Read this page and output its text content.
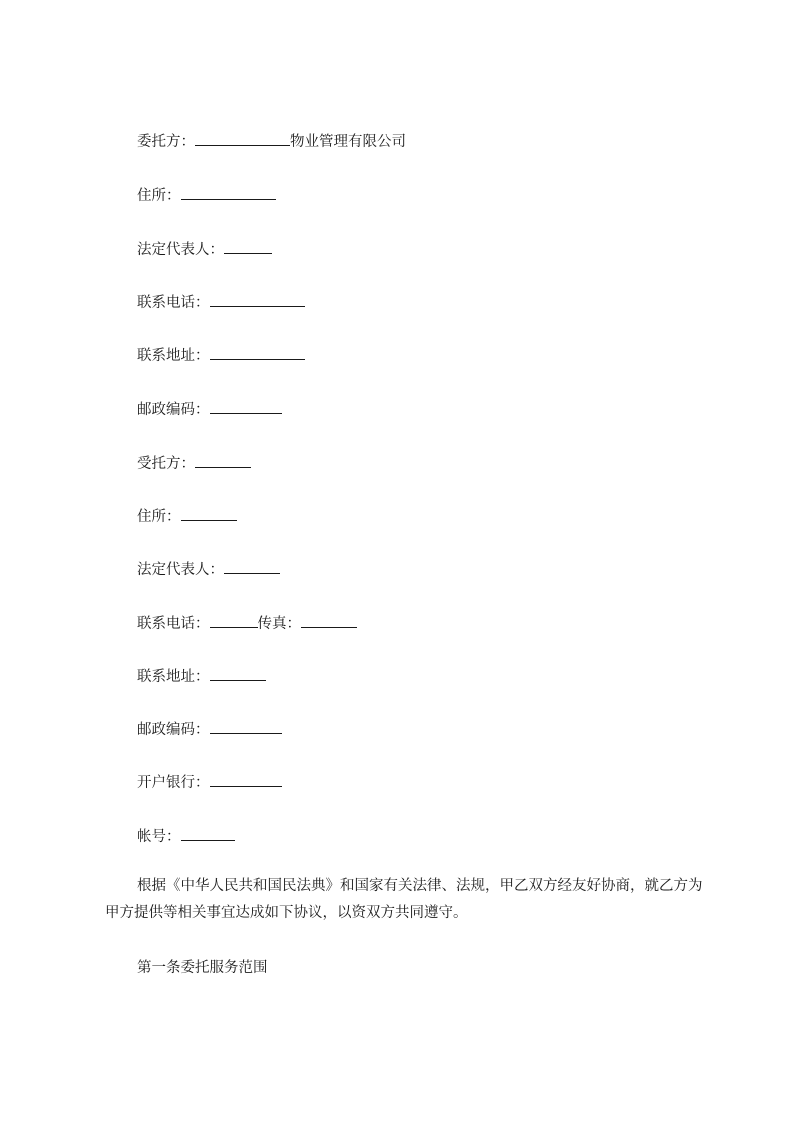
委托方：	物业管理有限公司
住所：
法定代表人：
联系电话：
联系地址：
邮政编码：
受托方：
住所：
法定代表人：
联系电话：	传真：
联系地址：
邮政编码：
开户银行：
帐号：
根据《中华人民共和国民法典》和国家有关法律、法规，甲乙双方经友好协商，就乙方为甲方提供等相关事宜达成如下协议，以资双方共同遵守。
第一条委托服务范围
